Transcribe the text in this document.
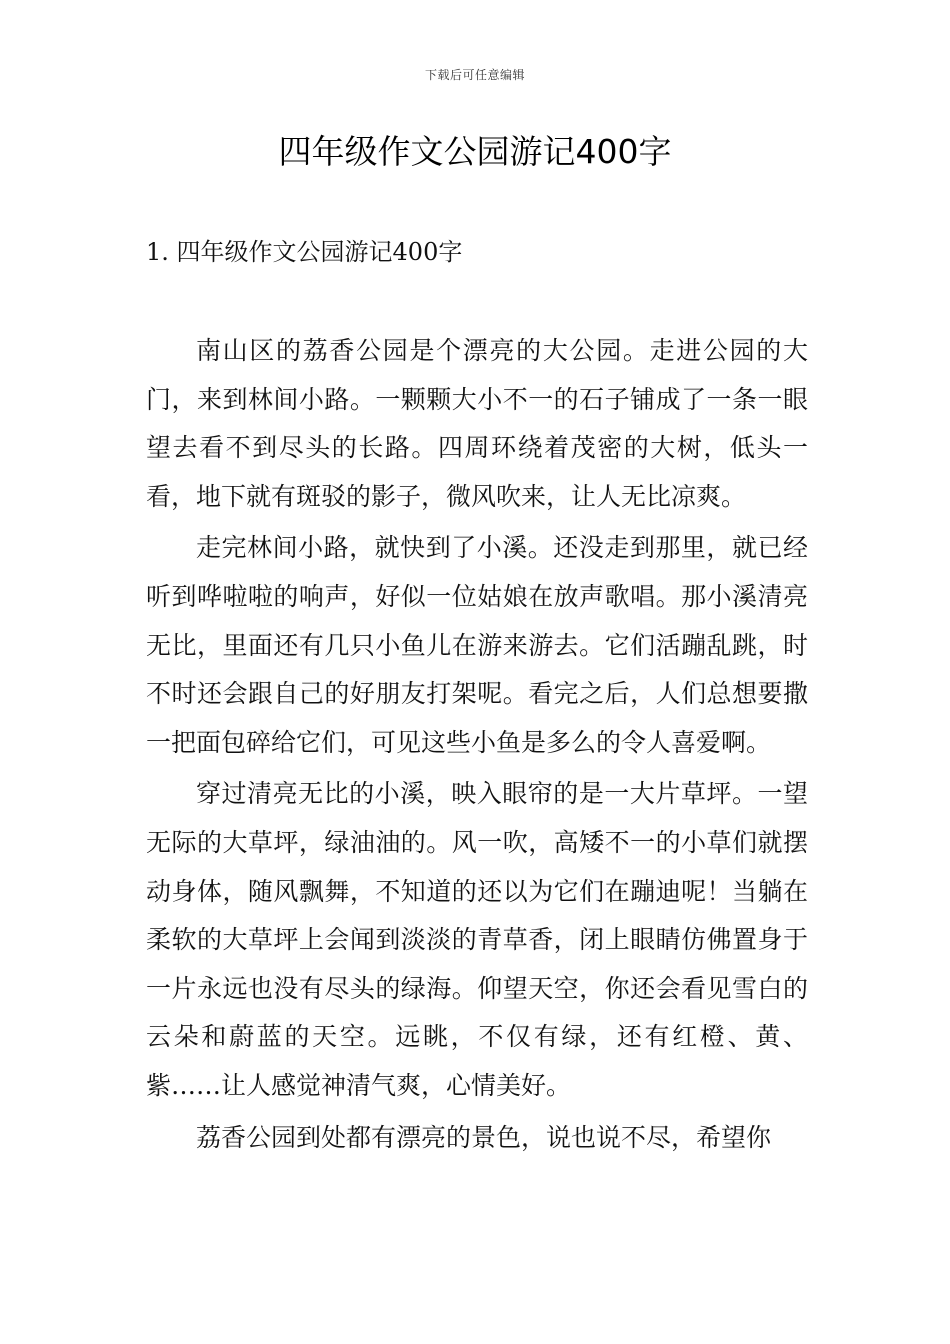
下载后可任意编辑
四年级作文公园游记400字
1. 四年级作文公园游记400字

南山区的荔香公园是个漂亮的大公园。走进公园的大门，来到林间小路。一颗颗大小不一的石子铺成了一条一眼望去看不到尽头的长路。四周环绕着茂密的大树，低头一看，地下就有斑驳的影子，微风吹来，让人无比凉爽。

走完林间小路，就快到了小溪。还没走到那里，就已经听到哗啦啦的响声，好似一位姑娘在放声歌唱。那小溪清亮无比，里面还有几只小鱼儿在游来游去。它们活蹦乱跳，时不时还会跟自己的好朋友打架呢。看完之后，人们总想要撒一把面包碎给它们，可见这些小鱼是多么的令人喜爱啊。

穿过清亮无比的小溪，映入眼帘的是一大片草坪。一望无际的大草坪，绿油油的。风一吹，高矮不一的小草们就摆动身体，随风飘舞，不知道的还以为它们在蹦迪呢！当躺在柔软的大草坪上会闻到淡淡的青草香，闭上眼睛仿佛置身于一片永远也没有尽头的绿海。仰望天空，你还会看见雪白的云朵和蔚蓝的天空。远眺，不仅有绿，还有红橙、黄、紫……让人感觉神清气爽，心情美好。

荔香公园到处都有漂亮的景色，说也说不尽，希望你
